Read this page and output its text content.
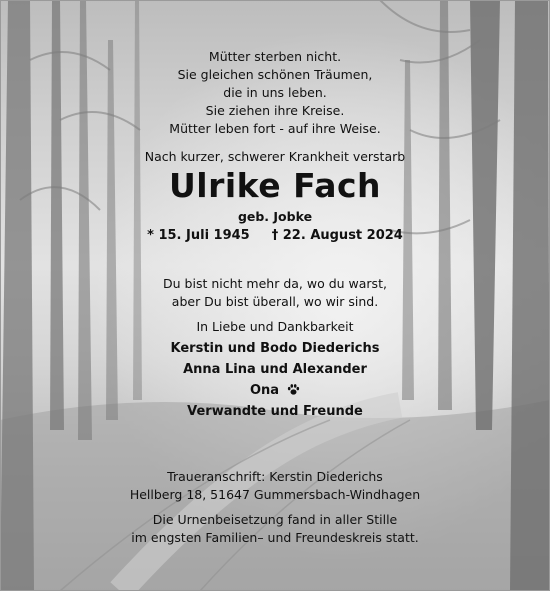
Mütter sterben nicht.
Sie gleichen schönen Träumen,
die in uns leben.
Sie ziehen ihre Kreise.
Mütter leben fort - auf ihre Weise.
Nach kurzer, schwerer Krankheit verstarb
Ulrike Fach
geb. Jobke
* 15. Juli 1945 † 22. August 2024
Du bist nicht mehr da, wo du warst,
aber Du bist überall, wo wir sind.
In Liebe und Dankbarkeit
Kerstin und Bodo Diederichs
Anna Lina und Alexander
Ona
Verwandte und Freunde
Traueranschrift: Kerstin Diederichs
Hellberg 18, 51647 Gummersbach-Windhagen
Die Urnenbeisetzung fand in aller Stille
im engsten Familien– und Freundeskreis statt.
